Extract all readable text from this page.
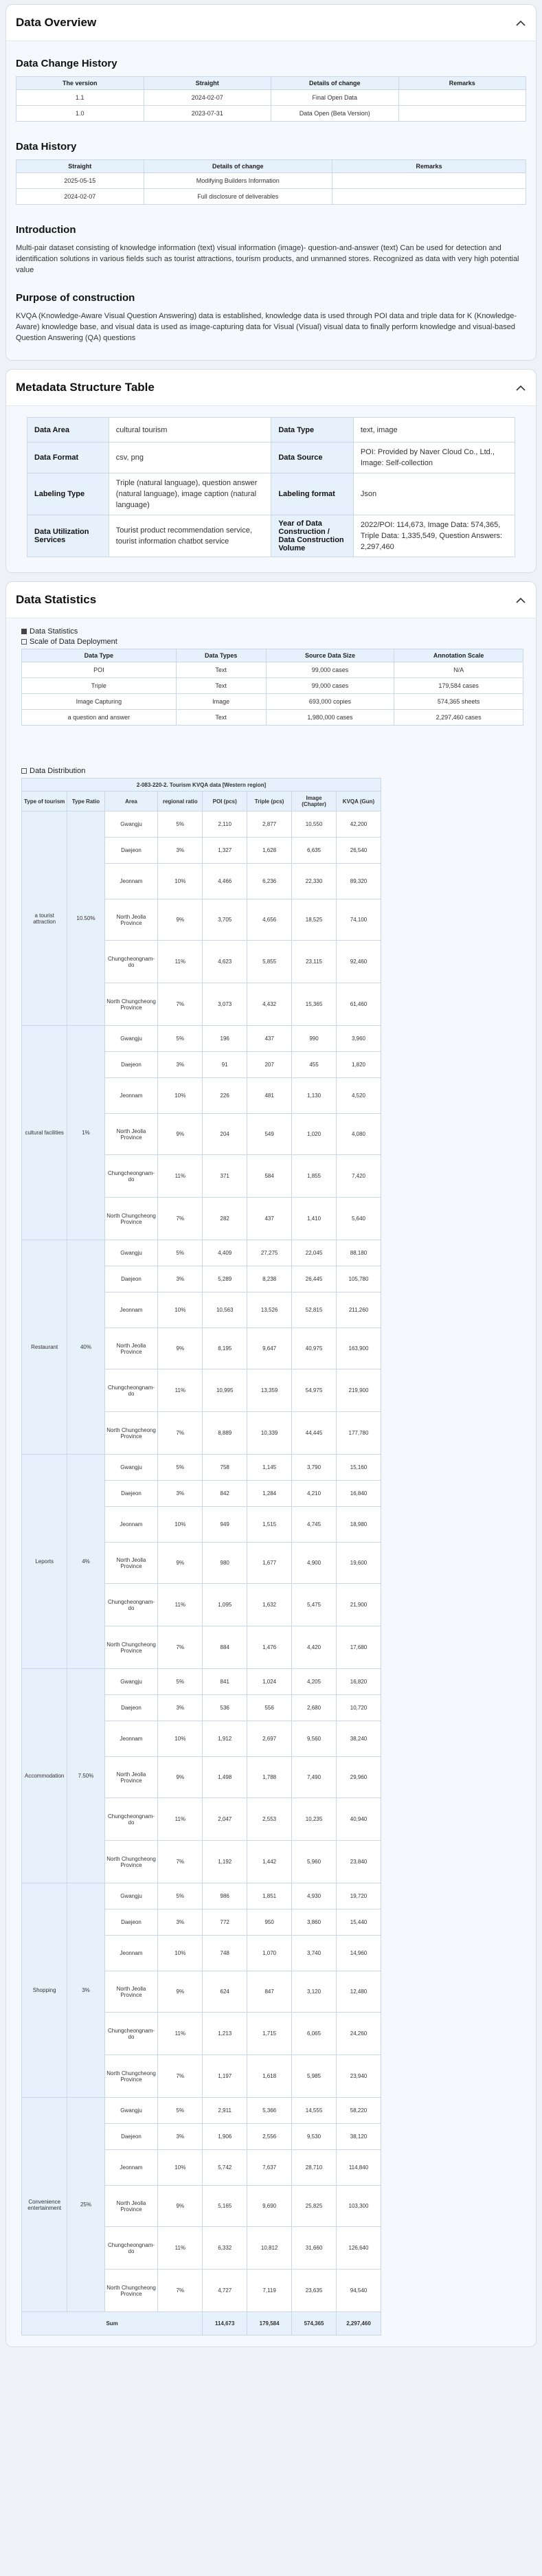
Data Overview
Data Change History
The version	Straight	Details of change	Remarks
1.1	2024-02-07	Final Open Data	
1.0	2023-07-31	Data Open (Beta Version)	
Data History
Straight	Details of change	Remarks
2025-05-15	Modifying Builders Information	
2024-02-07	Full disclosure of deliverables	
Introduction

Multi-pair dataset consisting of knowledge information (text) visual information (image)- question-and-answer (text) Can be used for detection and identification solutions in various fields such as tourist attractions, tourism products, and unmanned stores. Recognized as data with very high potential value

Purpose of construction

KVQA (Knowledge-Aware Visual Question Answering) data is established, knowledge data is used through POI data and triple data for K (Knowledge-Aware) knowledge base, and visual data is used as image-capturing data for Visual (Visual) visual data to finally perform knowledge and visual-based Question Answering (QA) questions

Metadata Structure Table
Data Area	cultural tourism	Data Type	text, image
Data Format	csv, png	Data Source	POI: Provided by Naver Cloud Co., Ltd., Image: Self-collection
Labeling Type	Triple (natural language), question answer (natural language), image caption (natural language)	Labeling format	Json
Data Utilization Services	Tourist product recommendation service, tourist information chatbot service	Year of Data Construction / Data Construction Volume	2022/POI: 114,673, Image Data: 574,365, Triple Data: 1,335,549, Question Answers: 2,297,460
Data Statistics
Data Statistics
Scale of Data Deployment
Data Type	Data Types	Source Data Size	Annotation Scale
POI	Text	99,000 cases	N/A
Triple	Text	99,000 cases	179,584 cases
Image Capturing	Image	693,000 copies	574,365 sheets
a question and answer	Text	1,980,000 cases	2,297,460 cases
Data Distribution
2-083-220-2. Tourism KVQA data [Western region]							
Type of tourism	Type Ratio	Area	regional ratio	POI (pcs)	Triple (pcs)	Image (Chapter)	KVQA (Gun)
a tourist attraction	10.50%	Gwangju	5%	2,110	2,877	10,550	42,200
		Daejeon	3%	1,327	1,628	6,635	26,540
		Jeonnam	10%	4,466	6,236	22,330	89,320
		North Jeolla Province	9%	3,705	4,656	18,525	74,100
		Chungcheongnam-do	11%	4,623	5,855	23,115	92,460
		North Chungcheong Province	7%	3,073	4,432	15,365	61,460
cultural facilities	1%	Gwangju	5%	196	437	990	3,960
		Daejeon	3%	91	207	455	1,820
		Jeonnam	10%	226	481	1,130	4,520
		North Jeolla Province	9%	204	549	1,020	4,080
		Chungcheongnam-do	11%	371	584	1,855	7,420
		North Chungcheong Province	7%	282	437	1,410	5,640
Restaurant	40%	Gwangju	5%	4,409	27,275	22,045	88,180
		Daejeon	3%	5,289	8,238	26,445	105,780
		Jeonnam	10%	10,563	13,526	52,815	211,260
		North Jeolla Province	9%	8,195	9,647	40,975	163,900
		Chungcheongnam-do	11%	10,995	13,359	54,975	219,900
		North Chungcheong Province	7%	8,889	10,339	44,445	177,780
Leports	4%	Gwangju	5%	758	1,145	3,790	15,160
		Daejeon	3%	842	1,284	4,210	16,840
		Jeonnam	10%	949	1,515	4,745	18,980
		North Jeolla Province	9%	980	1,677	4,900	19,600
		Chungcheongnam-do	11%	1,095	1,632	5,475	21,900
		North Chungcheong Province	7%	884	1,476	4,420	17,680
Accommodation	7.50%	Gwangju	5%	841	1,024	4,205	16,820
		Daejeon	3%	536	556	2,680	10,720
		Jeonnam	10%	1,912	2,697	9,560	38,240
		North Jeolla Province	9%	1,498	1,788	7,490	29,960
		Chungcheongnam-do	11%	2,047	2,553	10,235	40,940
		North Chungcheong Province	7%	1,192	1,442	5,960	23,840
Shopping	3%	Gwangju	5%	986	1,851	4,930	19,720
		Daejeon	3%	772	950	3,860	15,440
		Jeonnam	10%	748	1,070	3,740	14,960
		North Jeolla Province	9%	624	847	3,120	12,480
		Chungcheongnam-do	11%	1,213	1,715	6,065	24,260
		North Chungcheong Province	7%	1,197	1,618	5,985	23,940
Convenience entertainment	25%	Gwangju	5%	2,911	5,366	14,555	58,220
		Daejeon	3%	1,906	2,556	9,530	38,120
		Jeonnam	10%	5,742	7,637	28,710	114,840
		North Jeolla Province	9%	5,165	9,690	25,825	103,300
		Chungcheongnam-do	11%	6,332	10,812	31,660	126,640
		North Chungcheong Province	7%	4,727	7,119	23,635	94,540
Sum				114,673	179,584	574,365	2,297,460
